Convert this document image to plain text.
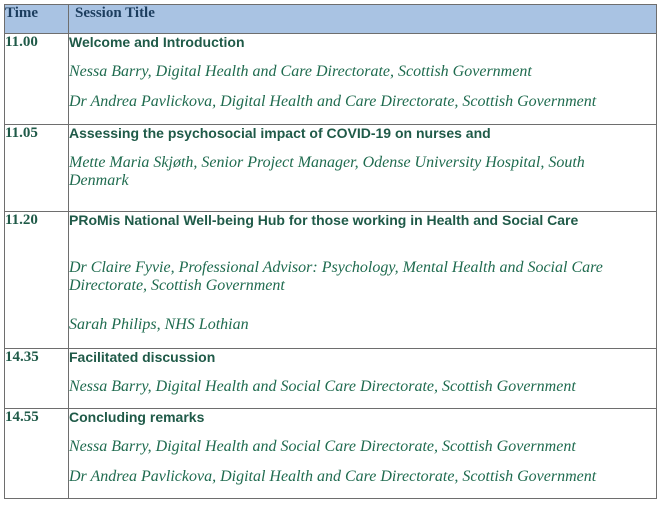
Time	Session Title
11.00	Welcome and Introduction

Nessa Barry, Digital Health and Care Directorate, Scottish Government

Dr Andrea Pavlickova, Digital Health and Care Directorate, Scottish Government

11.05	Assessing the psychosocial impact of COVID-19 on nurses and

Mette Maria Skjøth, Senior Project Manager, Odense University Hospital, South Denmark

11.20	PRoMis National Well-being Hub for those working in Health and Social Care

Dr Claire Fyvie, Professional Advisor: Psychology, Mental Health and Social Care Directorate, Scottish Government

Sarah Philips, NHS Lothian

14.35	Facilitated discussion

Nessa Barry, Digital Health and Social Care Directorate, Scottish Government

14.55	Concluding remarks

Nessa Barry, Digital Health and Social Care Directorate, Scottish Government

Dr Andrea Pavlickova, Digital Health and Care Directorate, Scottish Government
